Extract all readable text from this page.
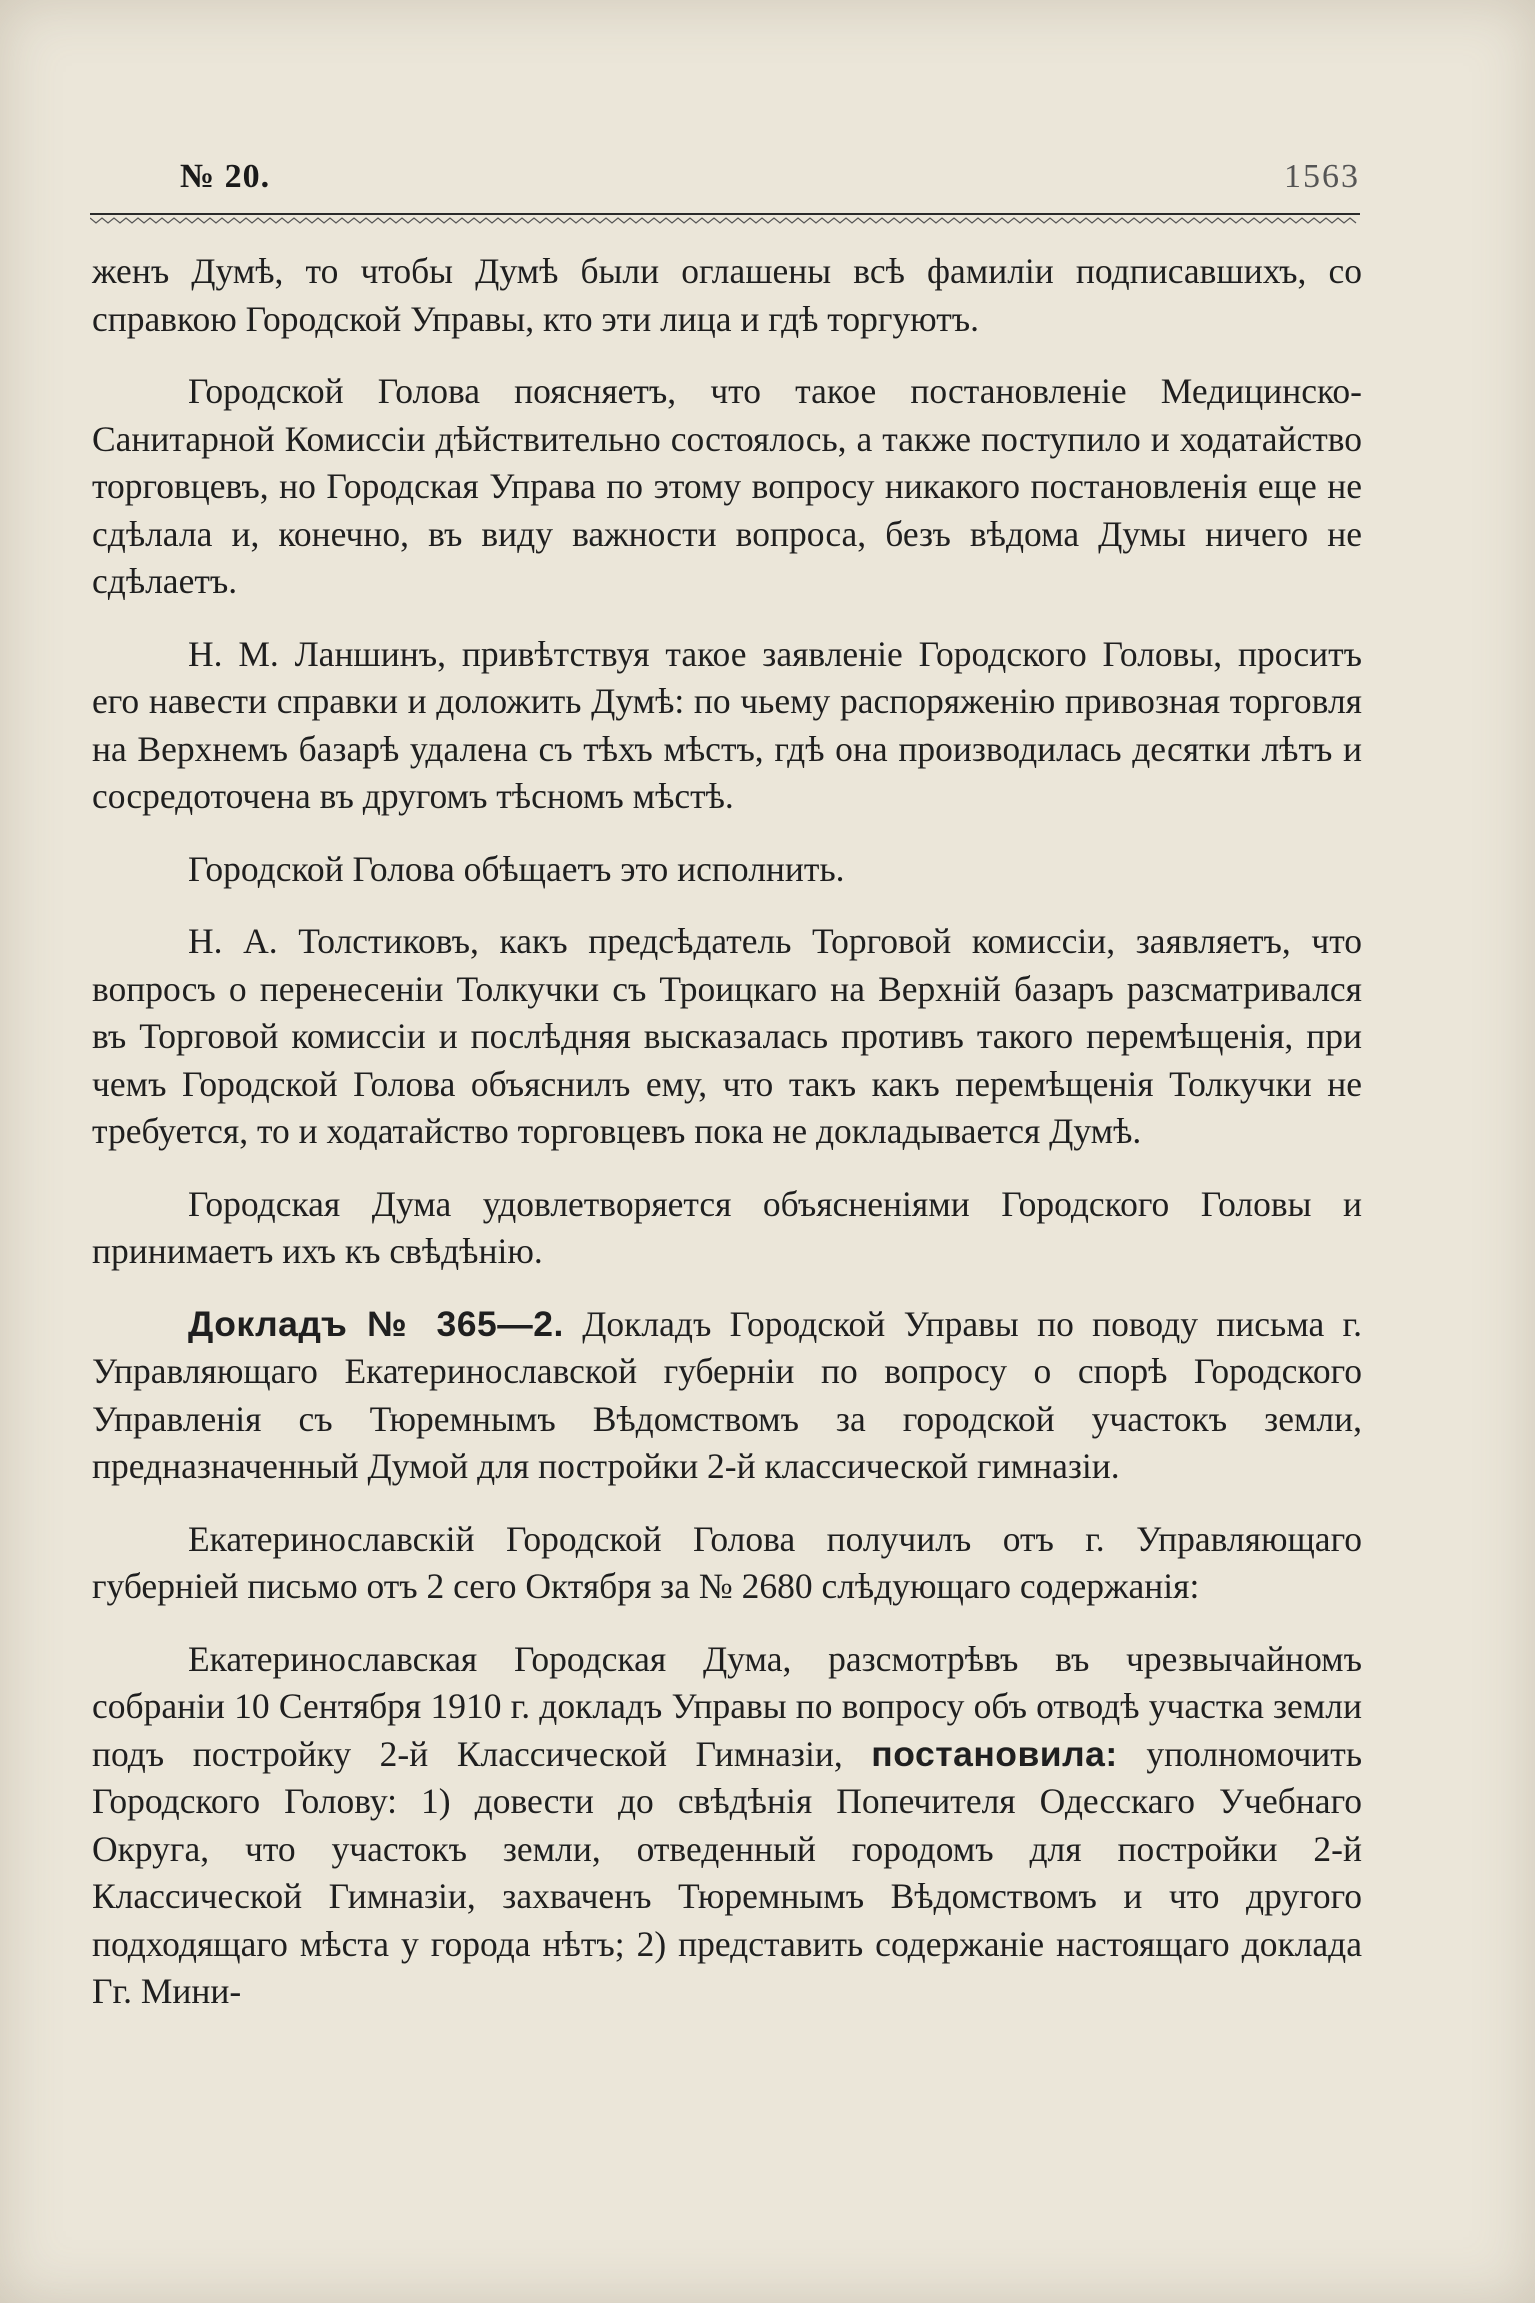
№ 20.	1563

женъ Думѣ, то чтобы Думѣ были оглашены всѣ фамиліи подписавшихъ, со справкою Городской Управы, кто эти лица и гдѣ торгуютъ.

Городской Голова поясняетъ, что такое постановленіе Медицинско-Санитарной Комиссіи дѣйствительно состоялось, а также поступило и ходатайство торговцевъ, но Городская Управа по этому вопросу никакого постановленія еще не сдѣлала и, конечно, въ виду важности вопроса, безъ вѣдома Думы ничего не сдѣлаетъ.

Н. М. Ланшинъ, привѣтствуя такое заявленіе Городского Головы, проситъ его навести справки и доложить Думѣ: по чьему распоряженію привозная торговля на Верхнемъ базарѣ удалена съ тѣхъ мѣстъ, гдѣ она производилась десятки лѣтъ и сосредоточена въ другомъ тѣсномъ мѣстѣ.

Городской Голова обѣщаетъ это исполнить.

Н. А. Толстиковъ, какъ предсѣдатель Торговой комиссіи, заявляетъ, что вопросъ о перенесеніи Толкучки съ Троицкаго на Верхній базаръ разсматривался въ Торговой комиссіи и послѣдняя высказалась противъ такого перемѣщенія, при чемъ Городской Голова объяснилъ ему, что такъ какъ перемѣщенія Толкучки не требуется, то и ходатайство торговцевъ пока не докладывается Думѣ.

Городская Дума удовлетворяется объясненіями Городского Головы и принимаетъ ихъ къ свѣдѣнію.

Докладъ № 365—2. Докладъ Городской Управы по поводу письма г. Управляющаго Екатеринославской губерніи по вопросу о спорѣ Городского Управленія съ Тюремнымъ Вѣдомствомъ за городской участокъ земли, предназначенный Думой для постройки 2-й классической гимназіи.

Екатеринославскій Городской Голова получилъ отъ г. Управляющаго губерніей письмо отъ 2 сего Октября за № 2680 слѣдующаго содержанія:

Екатеринославская Городская Дума, разсмотрѣвъ въ чрезвычайномъ собраніи 10 Сентября 1910 г. докладъ Управы по вопросу объ отводѣ участка земли подъ постройку 2-й Классической Гимназіи, постановила: уполномочить Городского Голову: 1) довести до свѣдѣнія Попечителя Одесскаго Учебнаго Округа, что участокъ земли, отведенный городомъ для постройки 2-й Классической Гимназіи, захваченъ Тюремнымъ Вѣдомствомъ и что другого подходящаго мѣста у города нѣтъ; 2) представить содержаніе настоящаго доклада Гг. Мини-
